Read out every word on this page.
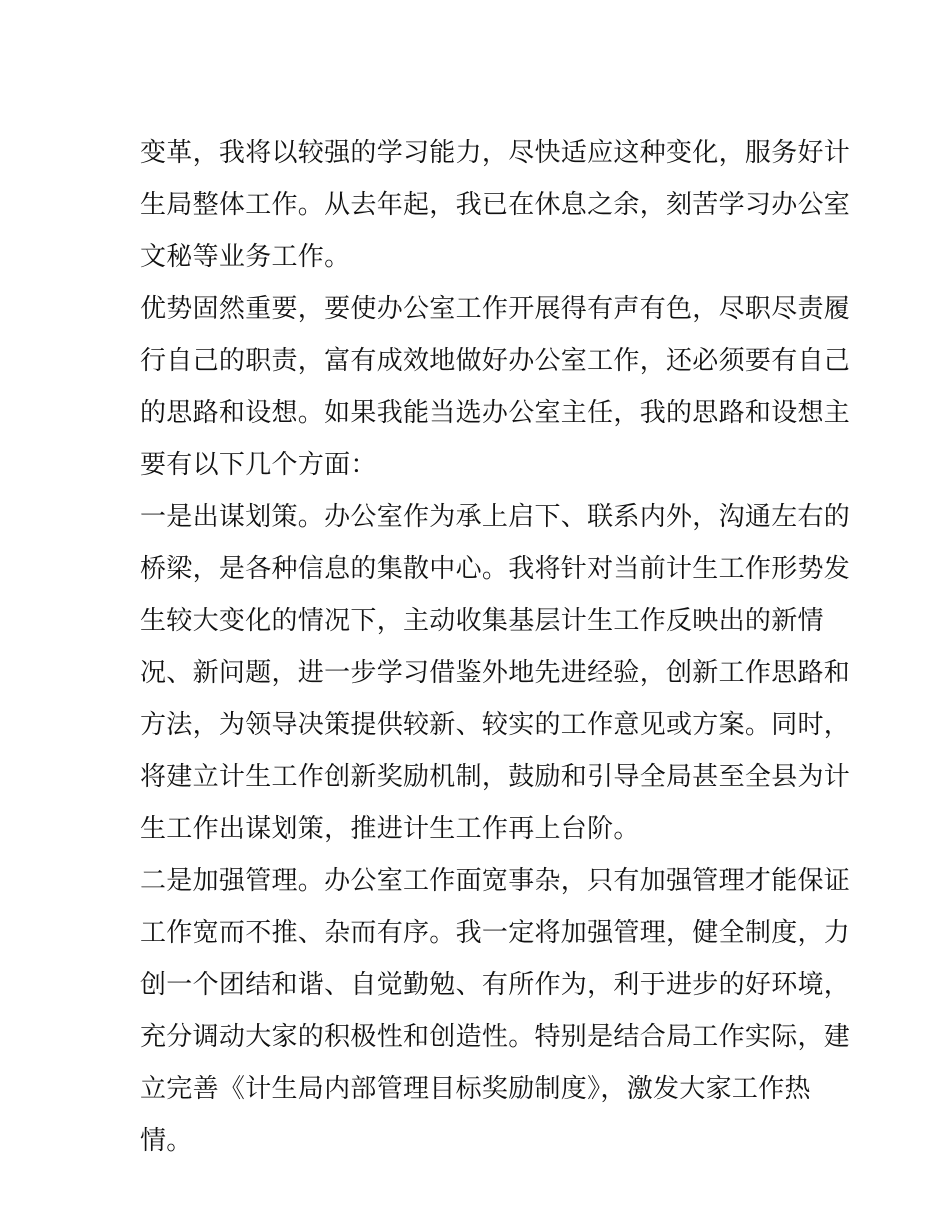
变革，我将以较强的学习能力，尽快适应这种变化，服务好计
生局整体工作。从去年起，我已在休息之余，刻苦学习办公室
文秘等业务工作。
优势固然重要，要使办公室工作开展得有声有色，尽职尽责履
行自己的职责，富有成效地做好办公室工作，还必须要有自己
的思路和设想。如果我能当选办公室主任，我的思路和设想主
要有以下几个方面：
一是出谋划策。办公室作为承上启下、联系内外，沟通左右的
桥梁，是各种信息的集散中心。我将针对当前计生工作形势发
生较大变化的情况下，主动收集基层计生工作反映出的新情
况、新问题，进一步学习借鉴外地先进经验，创新工作思路和
方法，为领导决策提供较新、较实的工作意见或方案。同时，
将建立计生工作创新奖励机制，鼓励和引导全局甚至全县为计
生工作出谋划策，推进计生工作再上台阶。
二是加强管理。办公室工作面宽事杂，只有加强管理才能保证
工作宽而不推、杂而有序。我一定将加强管理，健全制度，力
创一个团结和谐、自觉勤勉、有所作为，利于进步的好环境，
充分调动大家的积极性和创造性。特别是结合局工作实际，建
立完善《计生局内部管理目标奖励制度》，激发大家工作热
情。
